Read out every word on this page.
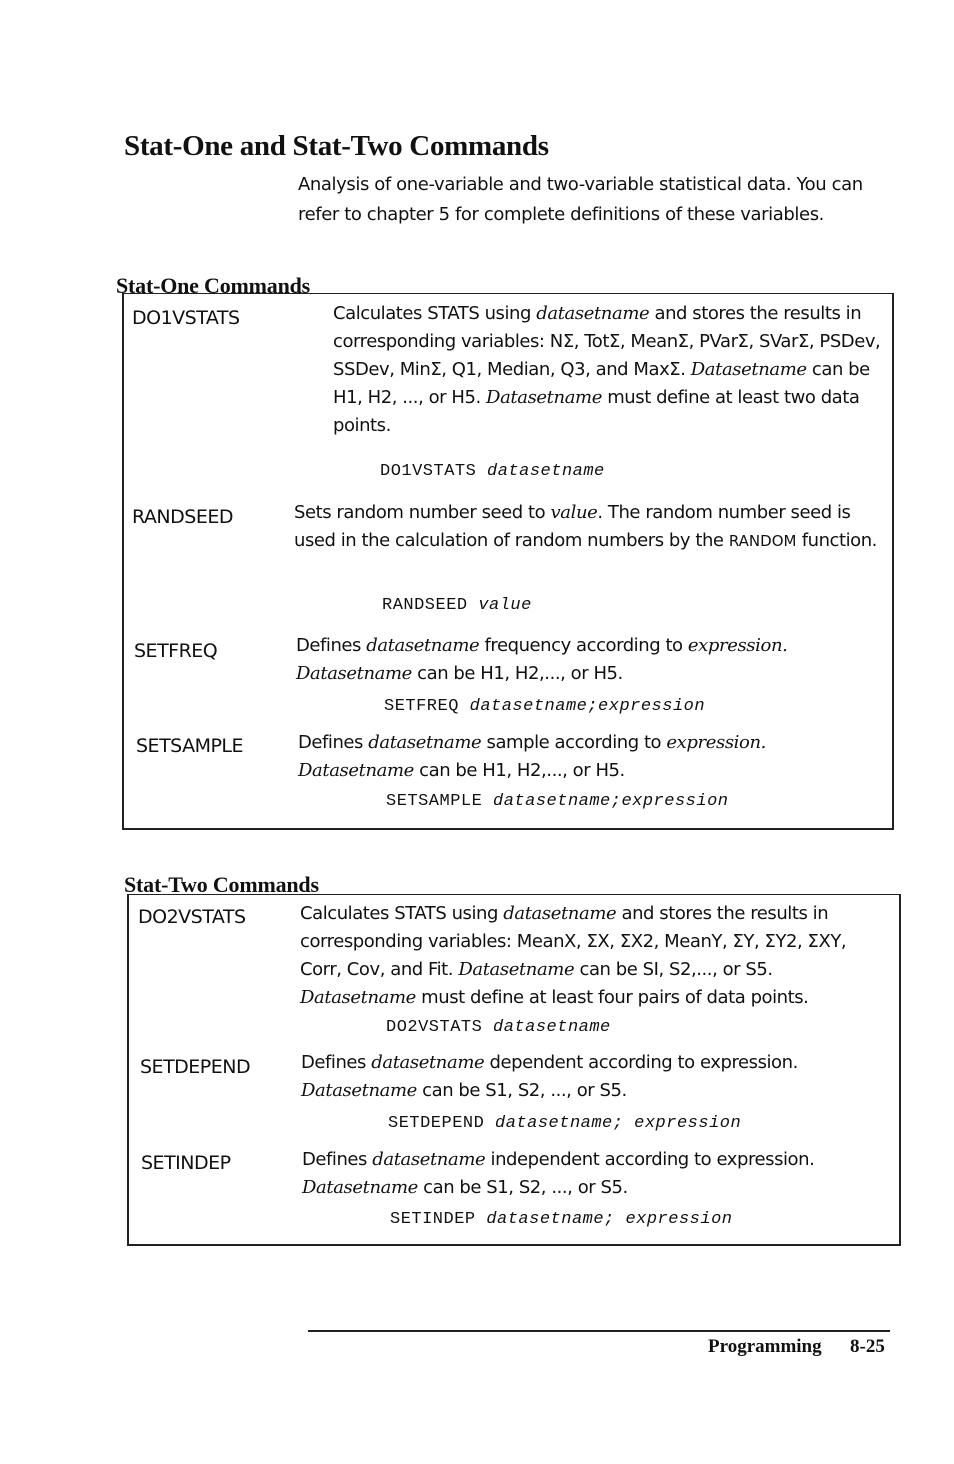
Stat-One and Stat-Two Commands
Analysis of one-variable and two-variable statistical data. You can refer to chapter 5 for complete definitions of these variables.
Stat-One Commands
DO1VSTATS	Calculates STATS using datasetname and stores the results in corresponding variables: NΣ, TotΣ, MeanΣ, PVarΣ, SVarΣ, PSDev, SSDev, MinΣ, Q1, Median, Q3, and MaxΣ. Datasetname can be H1, H2, ..., or H5. Datasetname must define at least two data points.
DO1VSTATS datasetname
RANDSEED	Sets random number seed to value. The random number seed is used in the calculation of random numbers by the RANDOM function.
RANDSEED value
SETFREQ	Defines datasetname frequency according to expression.
Datasetname can be H1, H2,..., or H5.
SETFREQ datasetname;expression
SETSAMPLE	Defines datasetname sample according to expression.
Datasetname can be H1, H2,..., or H5.
SETSAMPLE datasetname;expression
Stat-Two Commands
DO2VSTATS	Calculates STATS using datasetname and stores the results in corresponding variables: MeanX, ΣX, ΣX2, MeanY, ΣY, ΣY2, ΣXY, Corr, Cov, and Fit. Datasetname can be SI, S2,..., or S5. Datasetname must define at least four pairs of data points.
DO2VSTATS datasetname
SETDEPEND	Defines datasetname dependent according to expression. Datasetname can be S1, S2, ..., or S5.
SETDEPEND datasetname; expression
SETINDEP	Defines datasetname independent according to expression. Datasetname can be S1, S2, ..., or S5.
SETINDEP datasetname; expression
Programming 8-25
